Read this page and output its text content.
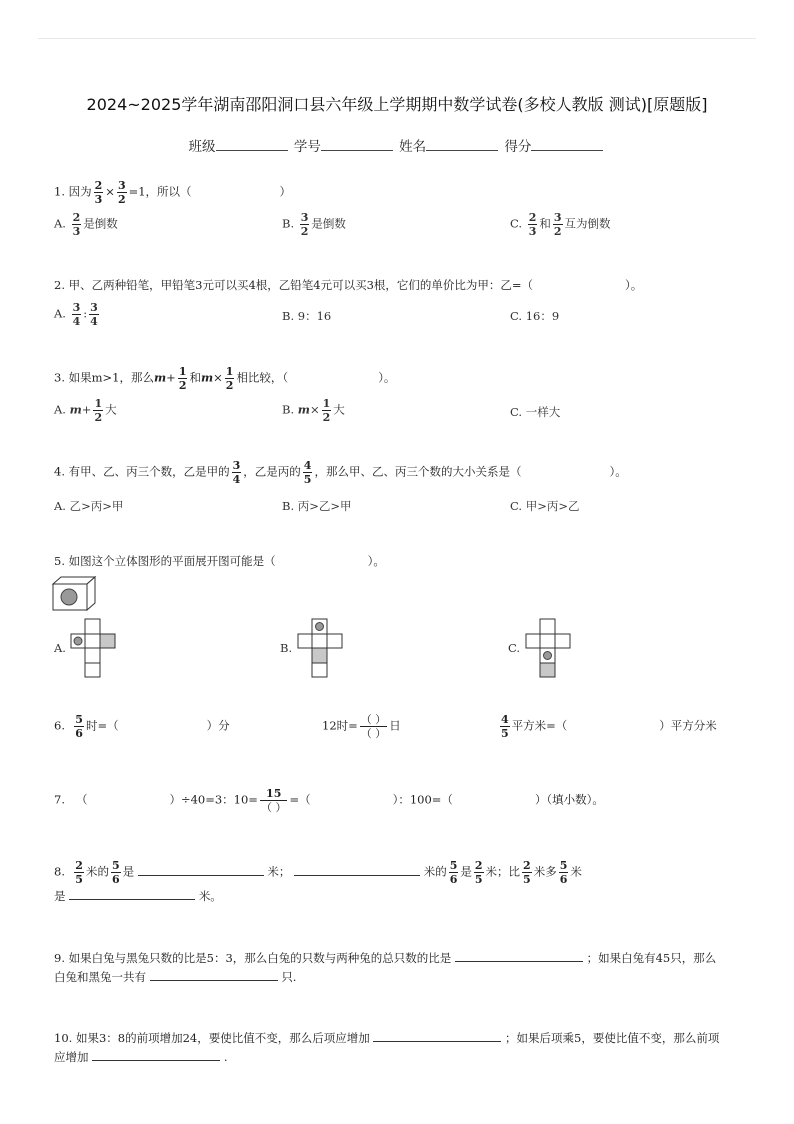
2024~2025学年湖南邵阳洞口县六年级上学期期中数学试卷(多校人教版 测试)[原题版]
班级	学号	姓名	得分
1. 因为 $\frac{2}{3} \times \frac{3}{2} =1$，所以（	）
A. $\frac{2}{3}$ 是倒数	B. $\frac{3}{2}$ 是倒数	C. $\frac{2}{3}$ 和 $\frac{3}{2}$ 互为倒数
2. 甲、乙两种铅笔，甲铅笔3元可以买4根，乙铅笔4元可以买3根，它们的单价比为甲：乙=（	）。
A. $\frac{3}{4}$ : $\frac{3}{4}$	B. 9：16	C. 16：9
3. 如果m>1，那么$m+ \frac{1}{2}$ 和$m\times \frac{1}{2}$ 相比较，（	）。
A. $m+ \frac{1}{2}$ 大	B. $m\times \frac{1}{2}$ 大	C. 一样大
4. 有甲、乙、丙三个数，乙是甲的 $\frac{3}{4}$ ，乙是丙的 $\frac{4}{5}$ ，那么甲、乙、丙三个数的大小关系是（	）。
A. 乙>丙>甲	B. 丙>乙>甲	C. 甲>丙>乙
5. 如图这个立体图形的平面展开图可能是（	）。
A.	B.	C.
6. $\frac{5}{6}$ 时=（	）分	12时= $\frac{( )}{( )}$ 日	$\frac{4}{5}$ 平方米=（	）平方分米
7. （	）÷40=3：$10= \frac{15}{( )}$ =（	）：100=（	）（填小数）。
8. $\frac{2}{5}$ 米的 $\frac{5}{6}$ 是	米；	米的 $\frac{5}{6}$ 是 $\frac{2}{5}$ 米；比 $\frac{2}{5}$ 米多 $\frac{5}{6}$ 米
是	米。
9. 如果白兔与黑兔只数的比是5：3，那么白兔的只数与两种兔的总只数的比是	；如果白兔有45只，那么
白兔和黑兔一共有	只.
10. 如果3：8的前项增加24，要使比值不变，那么后项应增加	；如果后项乘5，要使比值不变，那么前项
应增加	.
